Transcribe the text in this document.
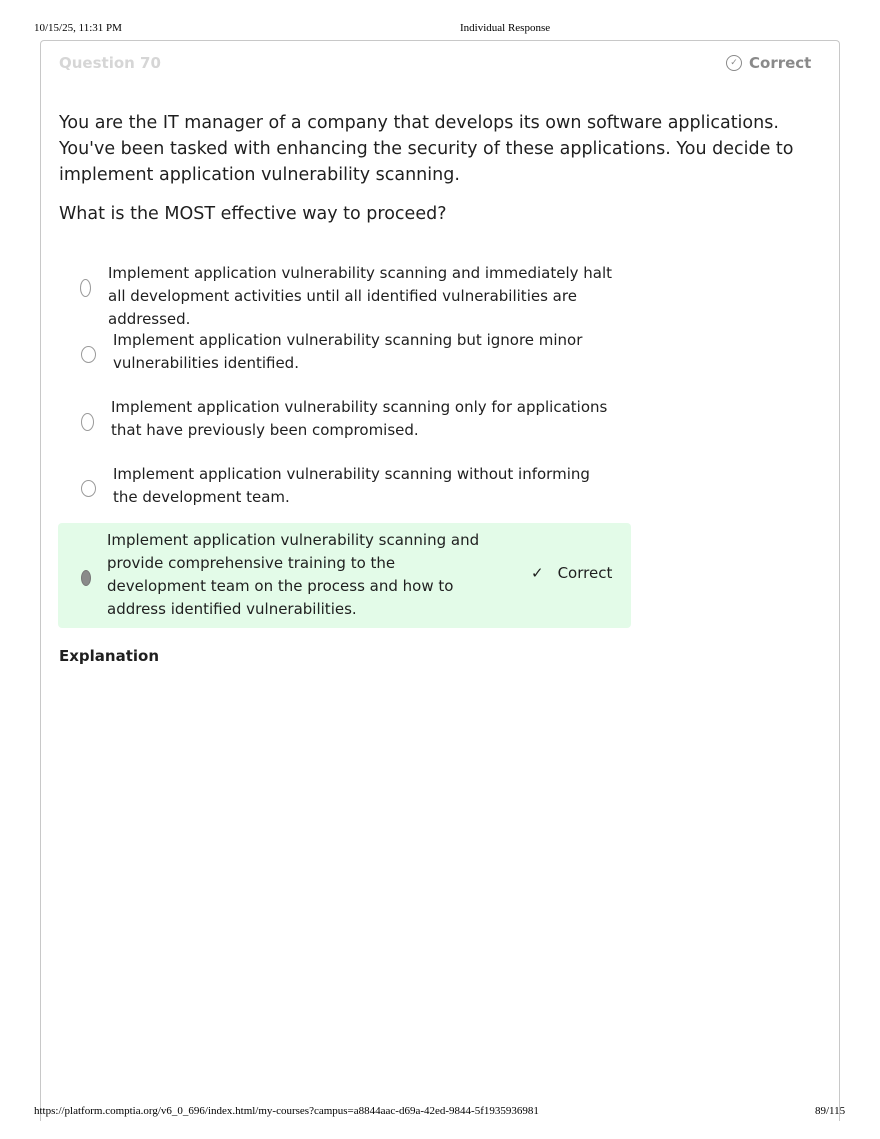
10/15/25, 11:31 PM	Individual Response
Question 70	✓ Correct
You are the IT manager of a company that develops its own software applications. You've been tasked with enhancing the security of these applications. You decide to implement application vulnerability scanning.
What is the MOST effective way to proceed?
Implement application vulnerability scanning and immediately halt all development activities until all identified vulnerabilities are addressed.
Implement application vulnerability scanning but ignore minor vulnerabilities identified.
Implement application vulnerability scanning only for applications that have previously been compromised.
Implement application vulnerability scanning without informing the development team.
Implement application vulnerability scanning and provide comprehensive training to the development team on the process and how to address identified vulnerabilities.
✓ Correct
Explanation
https://platform.comptia.org/v6_0_696/index.html/my-courses?campus=a8844aac-d69a-42ed-9844-5f1935936981	89/115
